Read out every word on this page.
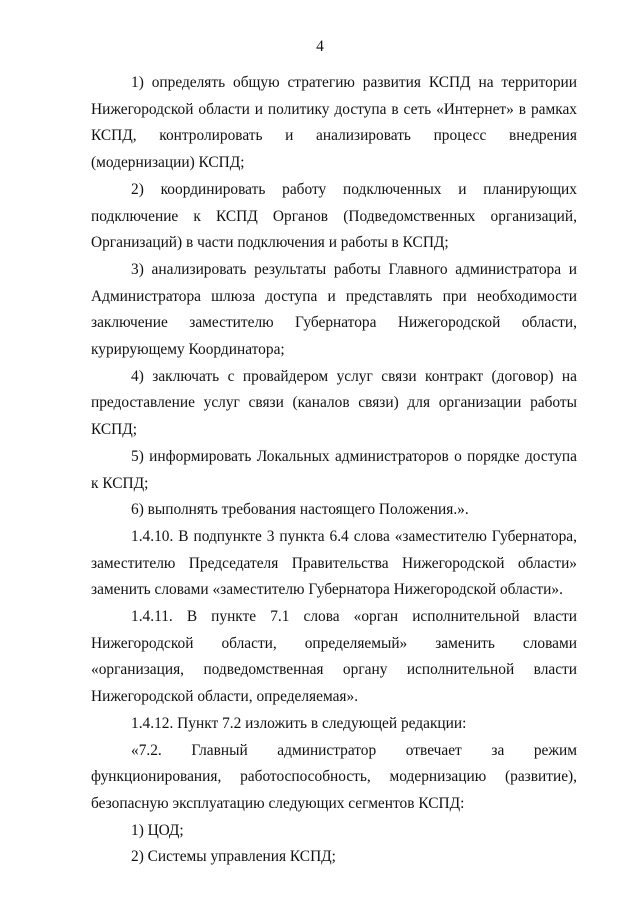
4

1) определять общую стратегию развития КСПД на территории Нижегородской области и политику доступа в сеть «Интернет» в рамках КСПД, контролировать и анализировать процесс внедрения (модернизации) КСПД;

2) координировать работу подключенных и планирующих подключение к КСПД Органов (Подведомственных организаций, Организаций) в части подключения и работы в КСПД;

3) анализировать результаты работы Главного администратора и Администратора шлюза доступа и представлять при необходимости заключение заместителю Губернатора Нижегородской области, курирующему Координатора;

4) заключать с провайдером услуг связи контракт (договор) на предоставление услуг связи (каналов связи) для организации работы КСПД;

5) информировать Локальных администраторов о порядке доступа к КСПД;

6) выполнять требования настоящего Положения.».

1.4.10. В подпункте 3 пункта 6.4 слова «заместителю Губернатора, заместителю Председателя Правительства Нижегородской области» заменить словами «заместителю Губернатора Нижегородской области».

1.4.11. В пункте 7.1 слова «орган исполнительной власти Нижегородской области, определяемый» заменить словами «организация, подведомственная органу исполнительной власти Нижегородской области, определяемая».

1.4.12. Пункт 7.2 изложить в следующей редакции:

«7.2. Главный администратор отвечает за режим функционирования, работоспособность, модернизацию (развитие), безопасную эксплуатацию следующих сегментов КСПД:

1) ЦОД;

2) Системы управления КСПД;
